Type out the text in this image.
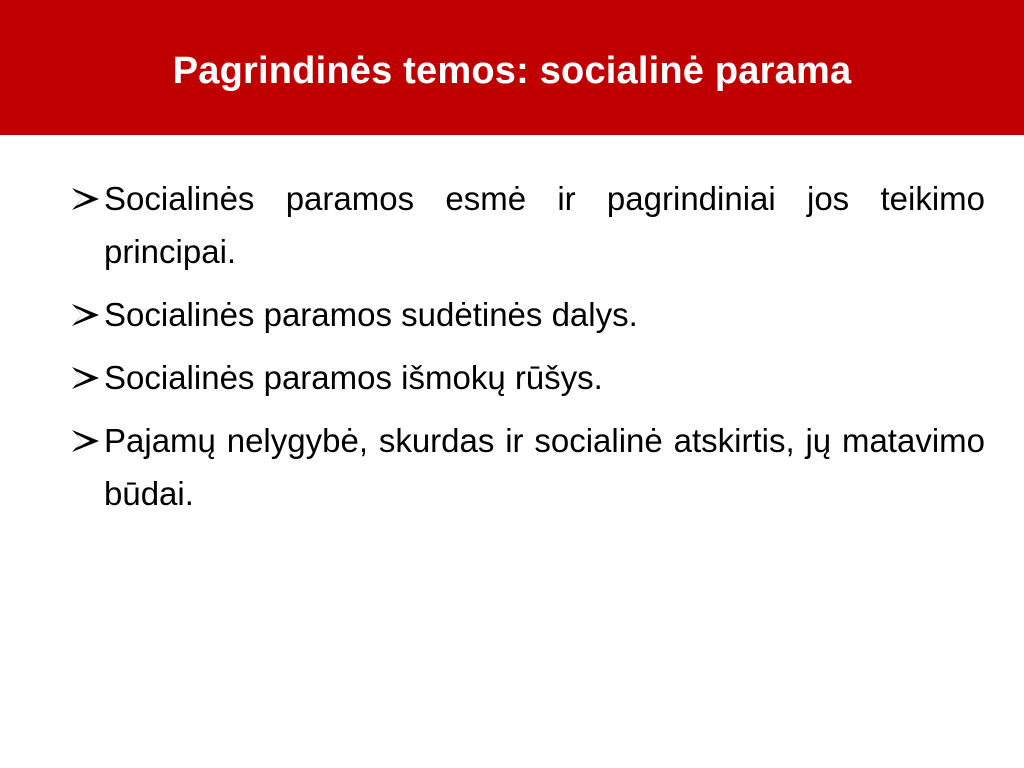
Pagrindinės temos: socialinė parama
Socialinės paramos esmė ir pagrindiniai jos teikimo principai.
Socialinės paramos sudėtinės dalys.
Socialinės paramos išmokų rūšys.
Pajamų nelygybė, skurdas ir socialinė atskirtis, jų matavimo būdai.
